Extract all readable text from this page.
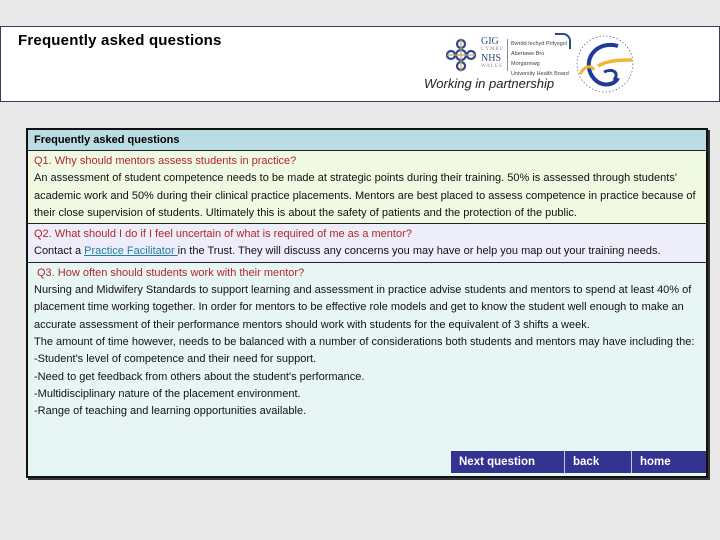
Frequently asked questions	GIG
CYMRU
NHS
WALES
Bwrdd Iechyd Prifysgol
Abertawe Bro Morgannwg
University Health Board
Working in partnership
Frequently asked questions
Q1. Why should mentors assess students in practice?
An assessment of student competence needs to be made at strategic points during their training. 50% is assessed through students' academic work and 50% during their clinical practice placements. Mentors are best placed to assess competence in practice because of their close supervision of students. Ultimately this is about the safety of patients and the protection of the public.
Q2. What should I do if I feel uncertain of what is required of me as a mentor?
Contact a Practice Facilitator in the Trust. They will discuss any concerns you may have or help you map out your training needs.
Q3. How often should students work with their mentor?
Nursing and Midwifery Standards to support learning and assessment in practice advise students and mentors to spend at least 40% of placement time working together. In order for mentors to be effective role models and get to know the student well enough to make an accurate assessment of their performance mentors should work with students for the equivalent of 3 shifts a week.
The amount of time however, needs to be balanced with a number of considerations both students and mentors may have including the:
-Student's level of competence and their need for support.
-Need to get feedback from others about the student's performance.
-Multidisciplinary nature of the placement environment.
-Range of teaching and learning opportunities available.
Next question	back	home
